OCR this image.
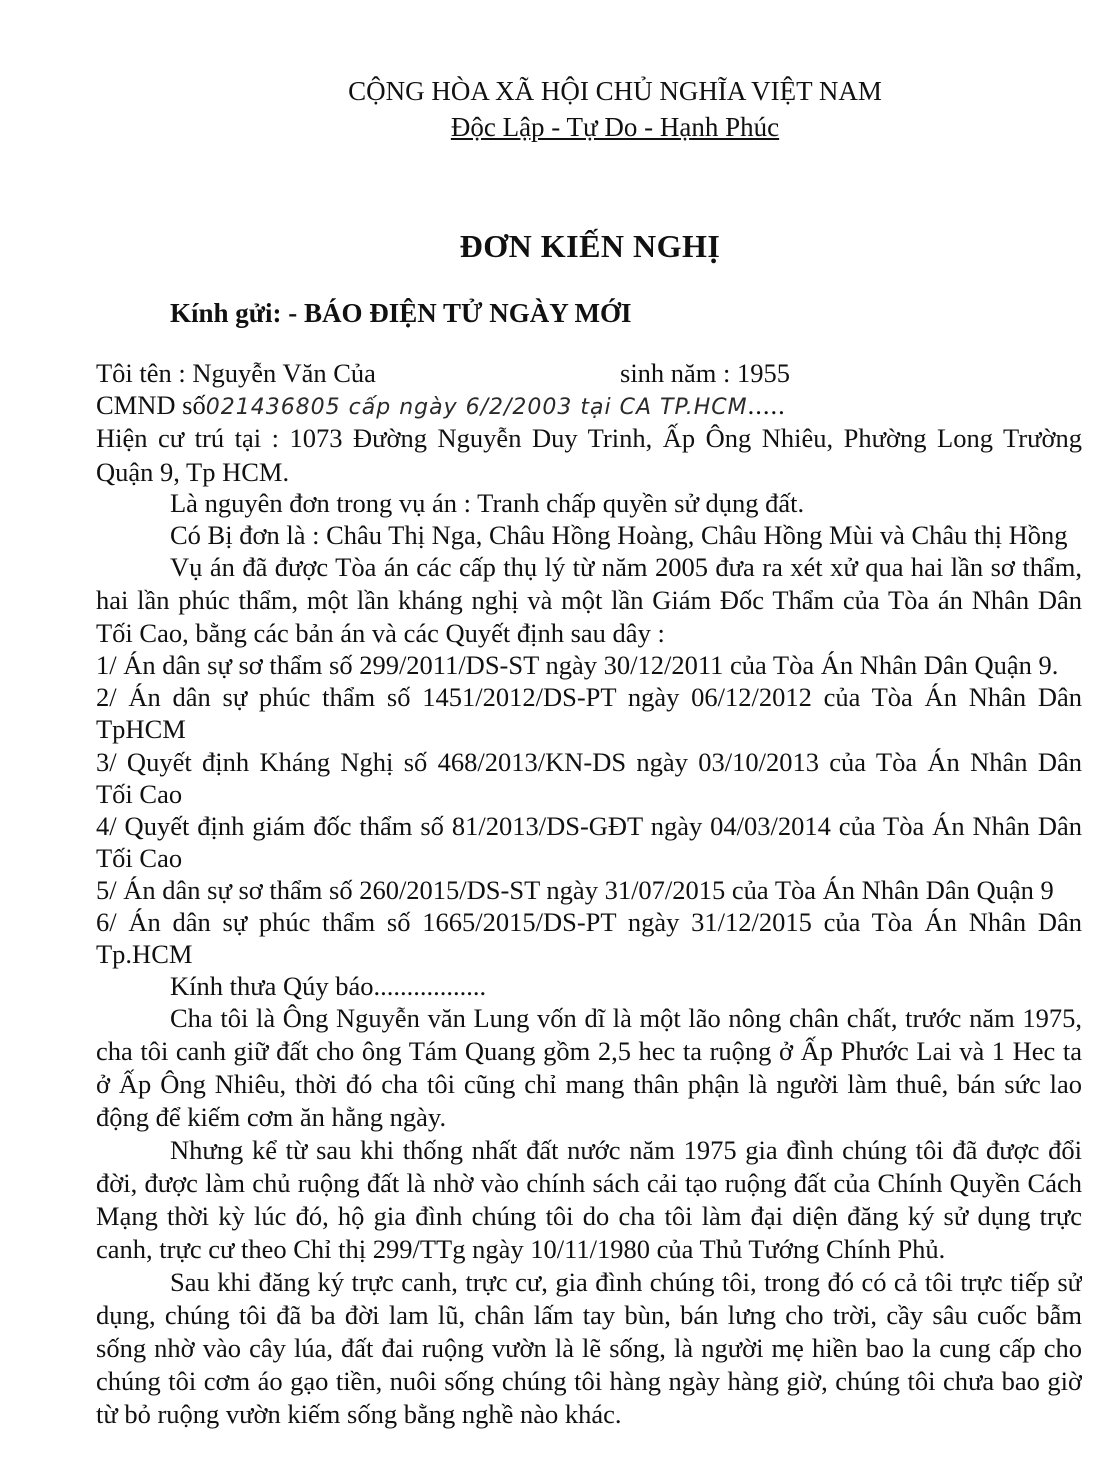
CỘNG HÒA XÃ HỘI CHỦ NGHĨA VIỆT NAM
Độc Lập - Tự Do - Hạnh Phúc
ĐƠN KIẾN NGHỊ
Kính gửi: - BÁO ĐIỆN TỬ NGÀY MỚI
Tôi tên : Nguyễn Văn Của	sinh năm : 1955
CMND số021436805 cấp ngày 6/2/2003 tại CA TP.HCM.....
Hiện cư trú tại : 1073 Đường Nguyễn Duy Trinh, Ấp Ông Nhiêu, Phường Long Trường
Quận 9, Tp HCM.
Là nguyên đơn trong vụ án : Tranh chấp quyền sử dụng đất.
Có Bị đơn là : Châu Thị Nga, Châu Hồng Hoàng, Châu Hồng Mùi và Châu thị Hồng
Vụ án đã được Tòa án các cấp thụ lý từ năm 2005 đưa ra xét xử qua hai lần sơ thẩm,
hai lần phúc thẩm, một lần kháng nghị và một lần Giám Đốc Thẩm của Tòa án Nhân Dân
Tối Cao, bằng các bản án và các Quyết định sau dây :
1/ Án dân sự sơ thẩm số 299/2011/DS-ST ngày 30/12/2011 của Tòa Án Nhân Dân Quận 9.
2/ Án dân sự phúc thẩm số 1451/2012/DS-PT ngày 06/12/2012 của Tòa Án Nhân Dân
TpHCM
3/ Quyết định Kháng Nghị số 468/2013/KN-DS ngày 03/10/2013 của Tòa Án Nhân Dân
Tối Cao
4/ Quyết định giám đốc thẩm số 81/2013/DS-GĐT ngày 04/03/2014 của Tòa Án Nhân Dân
Tối Cao
5/ Án dân sự sơ thẩm số 260/2015/DS-ST ngày 31/07/2015 của Tòa Án Nhân Dân Quận 9
6/ Án dân sự phúc thẩm số 1665/2015/DS-PT ngày 31/12/2015 của Tòa Án Nhân Dân
Tp.HCM
Kính thưa Qúy báo.................
Cha tôi là Ông Nguyễn văn Lung vốn dĩ là một lão nông chân chất, trước năm 1975,
cha tôi canh giữ đất cho ông Tám Quang gồm 2,5 hec ta ruộng ở Ấp Phước Lai và 1 Hec ta
ở Ấp Ông Nhiêu, thời đó cha tôi cũng chỉ mang thân phận là người làm thuê, bán sức lao
động để kiếm cơm ăn hằng ngày.
Nhưng kể từ sau khi thống nhất đất nước năm 1975 gia đình chúng tôi đã được đổi
đời, được làm chủ ruộng đất là nhờ vào chính sách cải tạo ruộng đất của Chính Quyền Cách
Mạng thời kỳ lúc đó, hộ gia đình chúng tôi do cha tôi làm đại diện đăng ký sử dụng trực
canh, trực cư theo Chỉ thị 299/TTg ngày 10/11/1980 của Thủ Tướng Chính Phủ.
Sau khi đăng ký trực canh, trực cư, gia đình chúng tôi, trong đó có cả tôi trực tiếp sử
dụng, chúng tôi đã ba đời lam lũ, chân lấm tay bùn, bán lưng cho trời, cầy sâu cuốc bẫm
sống nhờ vào cây lúa, đất đai ruộng vườn là lẽ sống, là người mẹ hiền bao la cung cấp cho
chúng tôi cơm áo gạo tiền, nuôi sống chúng tôi hàng ngày hàng giờ, chúng tôi chưa bao giờ
từ bỏ ruộng vườn kiếm sống bằng nghề nào khác.
